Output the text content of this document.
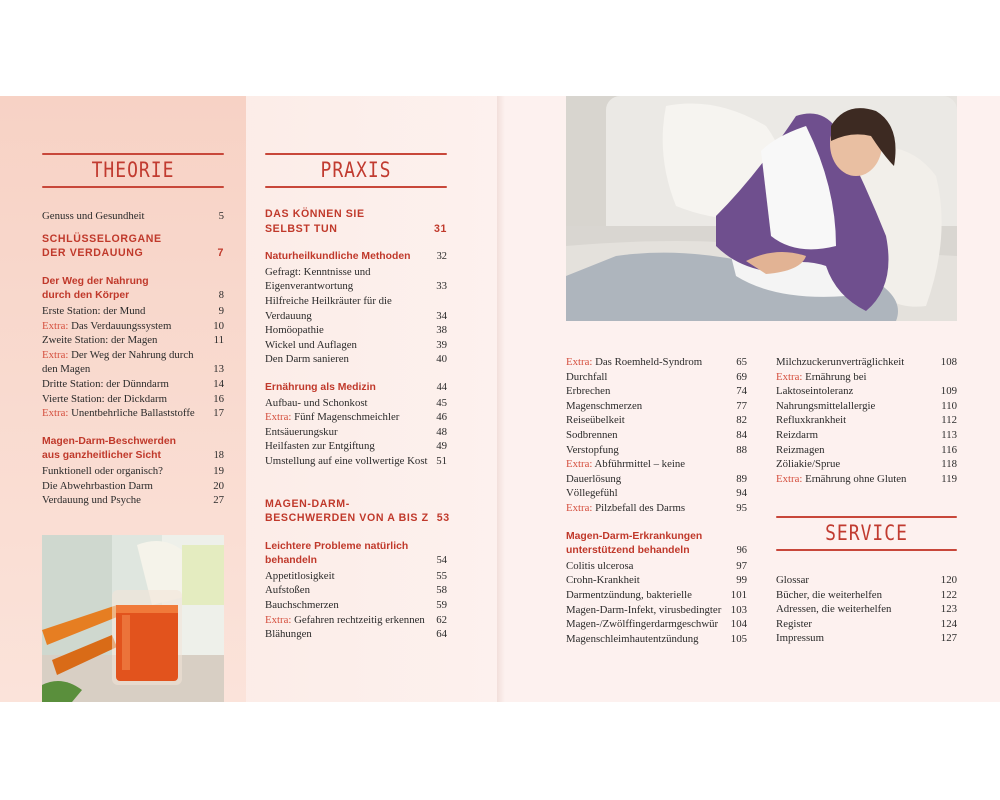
THEORIE	PRAXIS
SERVICE
Genuss und Gesundheit	5
SCHLÜSSELORGANE
DER VERDAUUNG	7
Der Weg der Nahrung
durch den Körper	8
Erste Station: der Mund	9
Extra: Das Verdauungssystem	10
Zweite Station: der Magen	11
Extra: Der Weg der Nahrung durch
den Magen	13
Dritte Station: der Dünndarm	14
Vierte Station: der Dickdarm	16
Extra: Unentbehrliche Ballaststoffe 17
Magen-Darm-Beschwerden
aus ganzheitlicher Sicht	18
Funktionell oder organisch?	19
Die Abwehrbastion Darm	20
Verdauung und Psyche	27
DAS KÖNNEN SIE
SELBST TUN	31
Naturheilkundliche Methoden	32
Gefragt: Kenntnisse und
Eigenverantwortung	33
Hilfreiche Heilkräuter für die
Verdauung	34
Homöopathie	38
Wickel und Auflagen	39
Den Darm sanieren	40
Ernährung als Medizin	44
Aufbau- und Schonkost	45
Extra: Fünf Magenschmeichler	46
Entsäuerungskur	48
Heilfasten zur Entgiftung	49
Umstellung auf eine vollwertige Kost 51
MAGEN-DARM-
BESCHWERDEN VON A BIS Z 53
Leichtere Probleme natürlich
behandeln	54
Appetitlosigkeit	55
Aufstoßen	58
Bauchschmerzen	59
Extra: Gefahren rechtzeitig erkennen 62
Blähungen	64
Extra: Das Roemheld-Syndrom	65
Durchfall	69
Erbrechen	74
Magenschmerzen	77
Reiseübelkeit	82
Sodbrennen	84
Verstopfung	88
Extra: Abführmittel – keine
Dauerlösung	89
Völlegefühl	94
Extra: Pilzbefall des Darms	95
Magen-Darm-Erkrankungen
unterstützend behandeln	96
Colitis ulcerosa	97
Crohn-Krankheit	99
Darmentzündung, bakterielle	101
Magen-Darm-Infekt, virusbedingter 103
Magen-/Zwölffingerdarmgeschwür 104
Magenschleimhautentzündung	105
Milchzuckerunverträglichkeit	108
Extra: Ernährung bei
Laktoseintoleranz	109
Nahrungsmittelallergie	110
Refluxkrankheit	112
Reizdarm	113
Reizmagen	116
Zöliakie/Sprue	118
Extra: Ernährung ohne Gluten	119
Glossar	120
Bücher, die weiterhelfen	122
Adressen, die weiterhelfen	123
Register	124
Impressum	127
